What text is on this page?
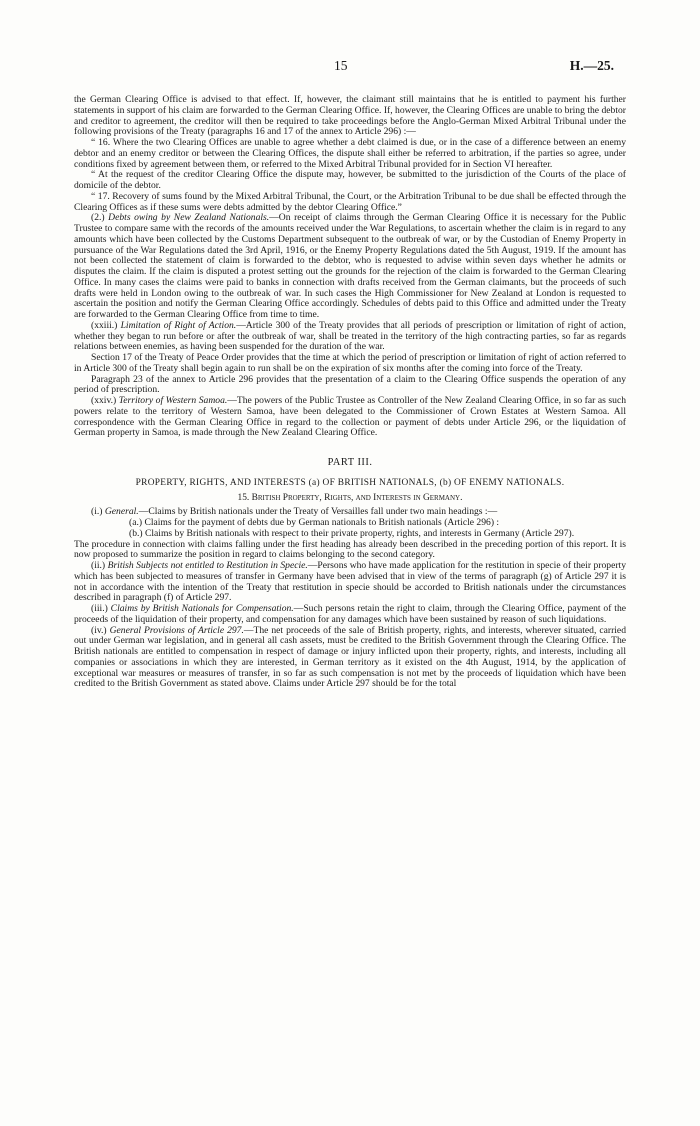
15	H.—25.

the German Clearing Office is advised to that effect. If, however, the claimant still maintains that he is entitled to payment his further statements in support of his claim are forwarded to the German Clearing Office. If, however, the Clearing Offices are unable to bring the debtor and creditor to agreement, the creditor will then be required to take proceedings before the Anglo-German Mixed Arbitral Tribunal under the following provisions of the Treaty (paragraphs 16 and 17 of the annex to Article 296) :—

“ 16. Where the two Clearing Offices are unable to agree whether a debt claimed is due, or in the case of a difference between an enemy debtor and an enemy creditor or between the Clearing Offices, the dispute shall either be referred to arbitration, if the parties so agree, under conditions fixed by agreement between them, or referred to the Mixed Arbitral Tribunal provided for in Section VI hereafter.

“ At the request of the creditor Clearing Office the dispute may, however, be submitted to the jurisdiction of the Courts of the place of domicile of the debtor.

“ 17. Recovery of sums found by the Mixed Arbitral Tribunal, the Court, or the Arbitration Tribunal to be due shall be effected through the Clearing Offices as if these sums were debts admitted by the debtor Clearing Office.”

(2.) Debts owing by New Zealand Nationals.—On receipt of claims through the German Clearing Office it is necessary for the Public Trustee to compare same with the records of the amounts received under the War Regulations, to ascertain whether the claim is in regard to any amounts which have been collected by the Customs Department subsequent to the outbreak of war, or by the Custodian of Enemy Property in pursuance of the War Regulations dated the 3rd April, 1916, or the Enemy Property Regulations dated the 5th August, 1919. If the amount has not been collected the statement of claim is forwarded to the debtor, who is requested to advise within seven days whether he admits or disputes the claim. If the claim is disputed a protest setting out the grounds for the rejection of the claim is forwarded to the German Clearing Office. In many cases the claims were paid to banks in connection with drafts received from the German claimants, but the proceeds of such drafts were held in London owing to the outbreak of war. In such cases the High Commissioner for New Zealand at London is requested to ascertain the position and notify the German Clearing Office accordingly. Schedules of debts paid to this Office and admitted under the Treaty are forwarded to the German Clearing Office from time to time.

(xxiii.) Limitation of Right of Action.—Article 300 of the Treaty provides that all periods of prescription or limitation of right of action, whether they began to run before or after the outbreak of war, shall be treated in the territory of the high contracting parties, so far as regards relations between enemies, as having been suspended for the duration of the war.

Section 17 of the Treaty of Peace Order provides that the time at which the period of prescription or limitation of right of action referred to in Article 300 of the Treaty shall begin again to run shall be on the expiration of six months after the coming into force of the Treaty.

Paragraph 23 of the annex to Article 296 provides that the presentation of a claim to the Clearing Office suspends the operation of any period of prescription.

(xxiv.) Territory of Western Samoa.—The powers of the Public Trustee as Controller of the New Zealand Clearing Office, in so far as such powers relate to the territory of Western Samoa, have been delegated to the Commissioner of Crown Estates at Western Samoa. All correspondence with the German Clearing Office in regard to the collection or payment of debts under Article 296, or the liquidation of German property in Samoa, is made through the New Zealand Clearing Office.

PART III.
PROPERTY, RIGHTS, AND INTERESTS (a) OF BRITISH NATIONALS, (b) OF ENEMY NATIONALS.
15. British Property, Rights, and Interests in Germany.

(i.) General.—Claims by British nationals under the Treaty of Versailles fall under two main headings :—

(a.) Claims for the payment of debts due by German nationals to British nationals (Article 296) :

(b.) Claims by British nationals with respect to their private property, rights, and interests in Germany (Article 297).

The procedure in connection with claims falling under the first heading has already been described in the preceding portion of this report. It is now proposed to summarize the position in regard to claims belonging to the second category.

(ii.) British Subjects not entitled to Restitution in Specie.—Persons who have made application for the restitution in specie of their property which has been subjected to measures of transfer in Germany have been advised that in view of the terms of paragraph (g) of Article 297 it is not in accordance with the intention of the Treaty that restitution in specie should be accorded to British nationals under the circumstances described in paragraph (f) of Article 297.

(iii.) Claims by British Nationals for Compensation.—Such persons retain the right to claim, through the Clearing Office, payment of the proceeds of the liquidation of their property, and compensation for any damages which have been sustained by reason of such liquidations.

(iv.) General Provisions of Article 297.—The net proceeds of the sale of British property, rights, and interests, wherever situated, carried out under German war legislation, and in general all cash assets, must be credited to the British Government through the Clearing Office. The British nationals are entitled to compensation in respect of damage or injury inflicted upon their property, rights, and interests, including all companies or associations in which they are interested, in German territory as it existed on the 4th August, 1914, by the application of exceptional war measures or measures of transfer, in so far as such compensation is not met by the proceeds of liquidation which have been credited to the British Government as stated above. Claims under Article 297 should be for the total
